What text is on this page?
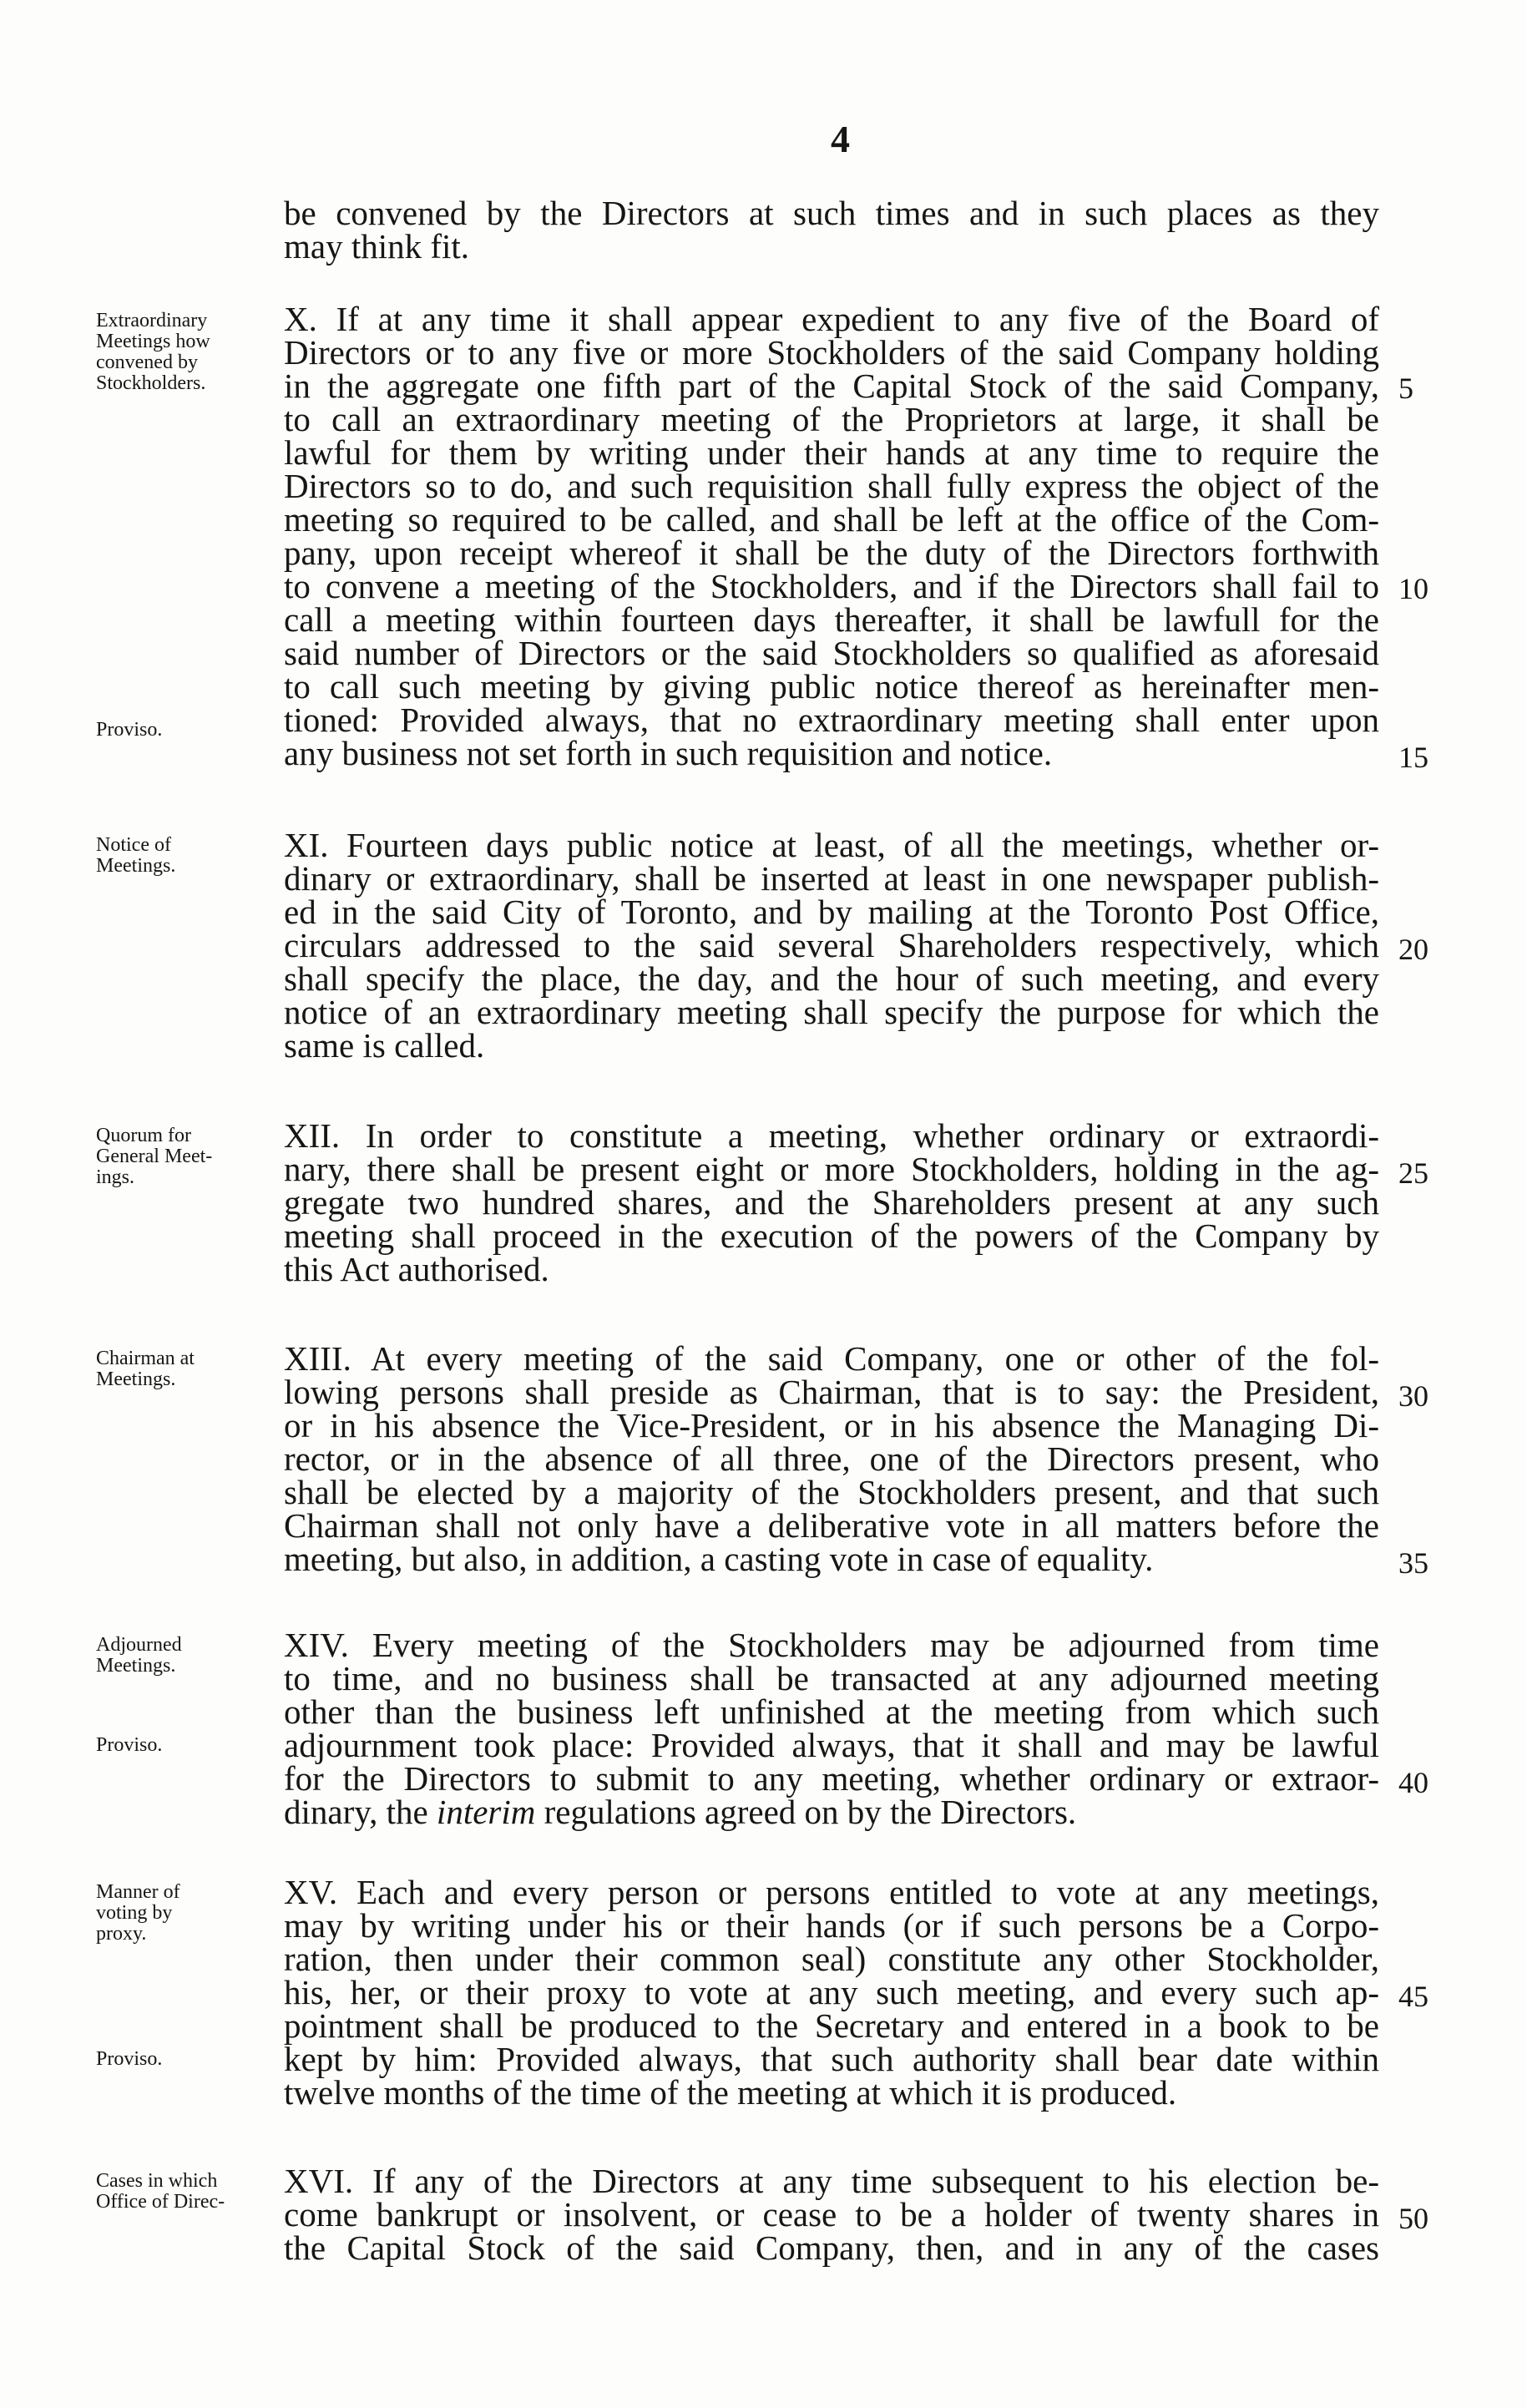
4
be convened by the Directors at such times and in such places as they
may think fit.
Extraordinary
Meetings how
convened by
Stockholders.
X. If at any time it shall appear expedient to any five of the Board of
Directors or to any five or more Stockholders of the said Company holding
in the aggregate one fifth part of the Capital Stock of the said Company,
to call an extraordinary meeting of the Proprietors at large, it shall be
lawful for them by writing under their hands at any time to require the
Directors so to do, and such requisition shall fully express the object of the
meeting so required to be called, and shall be left at the office of the Com-
pany, upon receipt whereof it shall be the duty of the Directors forthwith
to convene a meeting of the Stockholders, and if the Directors shall fail to
call a meeting within fourteen days thereafter, it shall be lawfull for the
said number of Directors or the said Stockholders so qualified as aforesaid
to call such meeting by giving public notice thereof as hereinafter men-
tioned: Provided always, that no extraordinary meeting shall enter upon
any business not set forth in such requisition and notice.
Proviso.
Notice of
Meetings.
XI. Fourteen days public notice at least, of all the meetings, whether or-
dinary or extraordinary, shall be inserted at least in one newspaper publish-
ed in the said City of Toronto, and by mailing at the Toronto Post Office,
circulars addressed to the said several Shareholders respectively, which
shall specify the place, the day, and the hour of such meeting, and every
notice of an extraordinary meeting shall specify the purpose for which the
same is called.
Quorum for
General Meet-
ings.
XII. In order to constitute a meeting, whether ordinary or extraordi-
nary, there shall be present eight or more Stockholders, holding in the ag-
gregate two hundred shares, and the Shareholders present at any such
meeting shall proceed in the execution of the powers of the Company by
this Act authorised.
Chairman at
Meetings.
XIII. At every meeting of the said Company, one or other of the fol-
lowing persons shall preside as Chairman, that is to say: the President,
or in his absence the Vice-President, or in his absence the Managing Di-
rector, or in the absence of all three, one of the Directors present, who
shall be elected by a majority of the Stockholders present, and that such
Chairman shall not only have a deliberative vote in all matters before the
meeting, but also, in addition, a casting vote in case of equality.
Adjourned
Meetings.
XIV. Every meeting of the Stockholders may be adjourned from time
to time, and no business shall be transacted at any adjourned meeting
other than the business left unfinished at the meeting from which such
adjournment took place: Provided always, that it shall and may be lawful
for the Directors to submit to any meeting, whether ordinary or extraor-
dinary, the interim regulations agreed on by the Directors.
Proviso.
Manner of
voting by
proxy.
XV. Each and every person or persons entitled to vote at any meetings,
may by writing under his or their hands (or if such persons be a Corpo-
ration, then under their common seal) constitute any other Stockholder,
his, her, or their proxy to vote at any such meeting, and every such ap-
pointment shall be produced to the Secretary and entered in a book to be
kept by him: Provided always, that such authority shall bear date within
twelve months of the time of the meeting at which it is produced.
Proviso.
Cases in which
Office of Direc-
XVI. If any of the Directors at any time subsequent to his election be-
come bankrupt or insolvent, or cease to be a holder of twenty shares in
the Capital Stock of the said Company, then, and in any of the cases
5
10
15
20
25
30
35
40
45
50
